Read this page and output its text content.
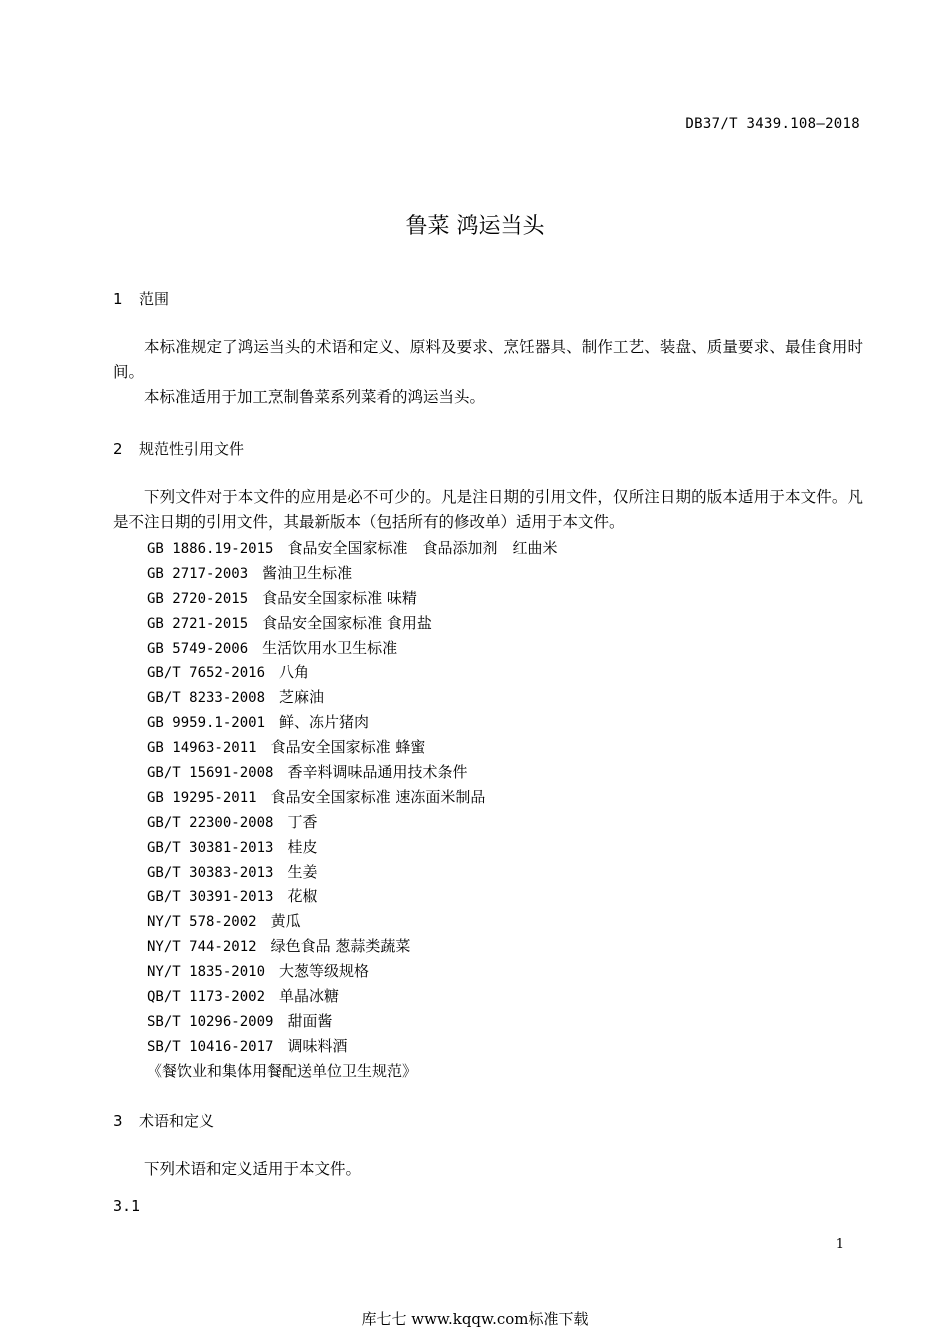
DB37/T 3439.108—2018
鲁菜 鸿运当头
1 范围

本标准规定了鸿运当头的术语和定义、原料及要求、烹饪器具、制作工艺、装盘、质量要求、最佳食用时间。

本标准适用于加工烹制鲁菜系列菜肴的鸿运当头。

2 规范性引用文件

下列文件对于本文件的应用是必不可少的。凡是注日期的引用文件，仅所注日期的版本适用于本文件。凡是不注日期的引用文件，其最新版本（包括所有的修改单）适用于本文件。

GB 1886.19-2015 食品安全国家标准　食品添加剂　红曲米
GB 2717-2003 酱油卫生标准
GB 2720-2015 食品安全国家标准 味精
GB 2721-2015 食品安全国家标准 食用盐
GB 5749-2006 生活饮用水卫生标准
GB/T 7652-2016 八角
GB/T 8233-2008 芝麻油
GB 9959.1-2001 鲜、冻片猪肉
GB 14963-2011 食品安全国家标准 蜂蜜
GB/T 15691-2008 香辛料调味品通用技术条件
GB 19295-2011 食品安全国家标准 速冻面米制品
GB/T 22300-2008 丁香
GB/T 30381-2013 桂皮
GB/T 30383-2013 生姜
GB/T 30391-2013 花椒
NY/T 578-2002 黄瓜
NY/T 744-2012 绿色食品 葱蒜类蔬菜
NY/T 1835-2010 大葱等级规格
QB/T 1173-2002 单晶冰糖
SB/T 10296-2009 甜面酱
SB/T 10416-2017 调味料酒
《餐饮业和集体用餐配送单位卫生规范》
3 术语和定义

下列术语和定义适用于本文件。

3.1
1
库七七 www.kqqw.com标准下载
